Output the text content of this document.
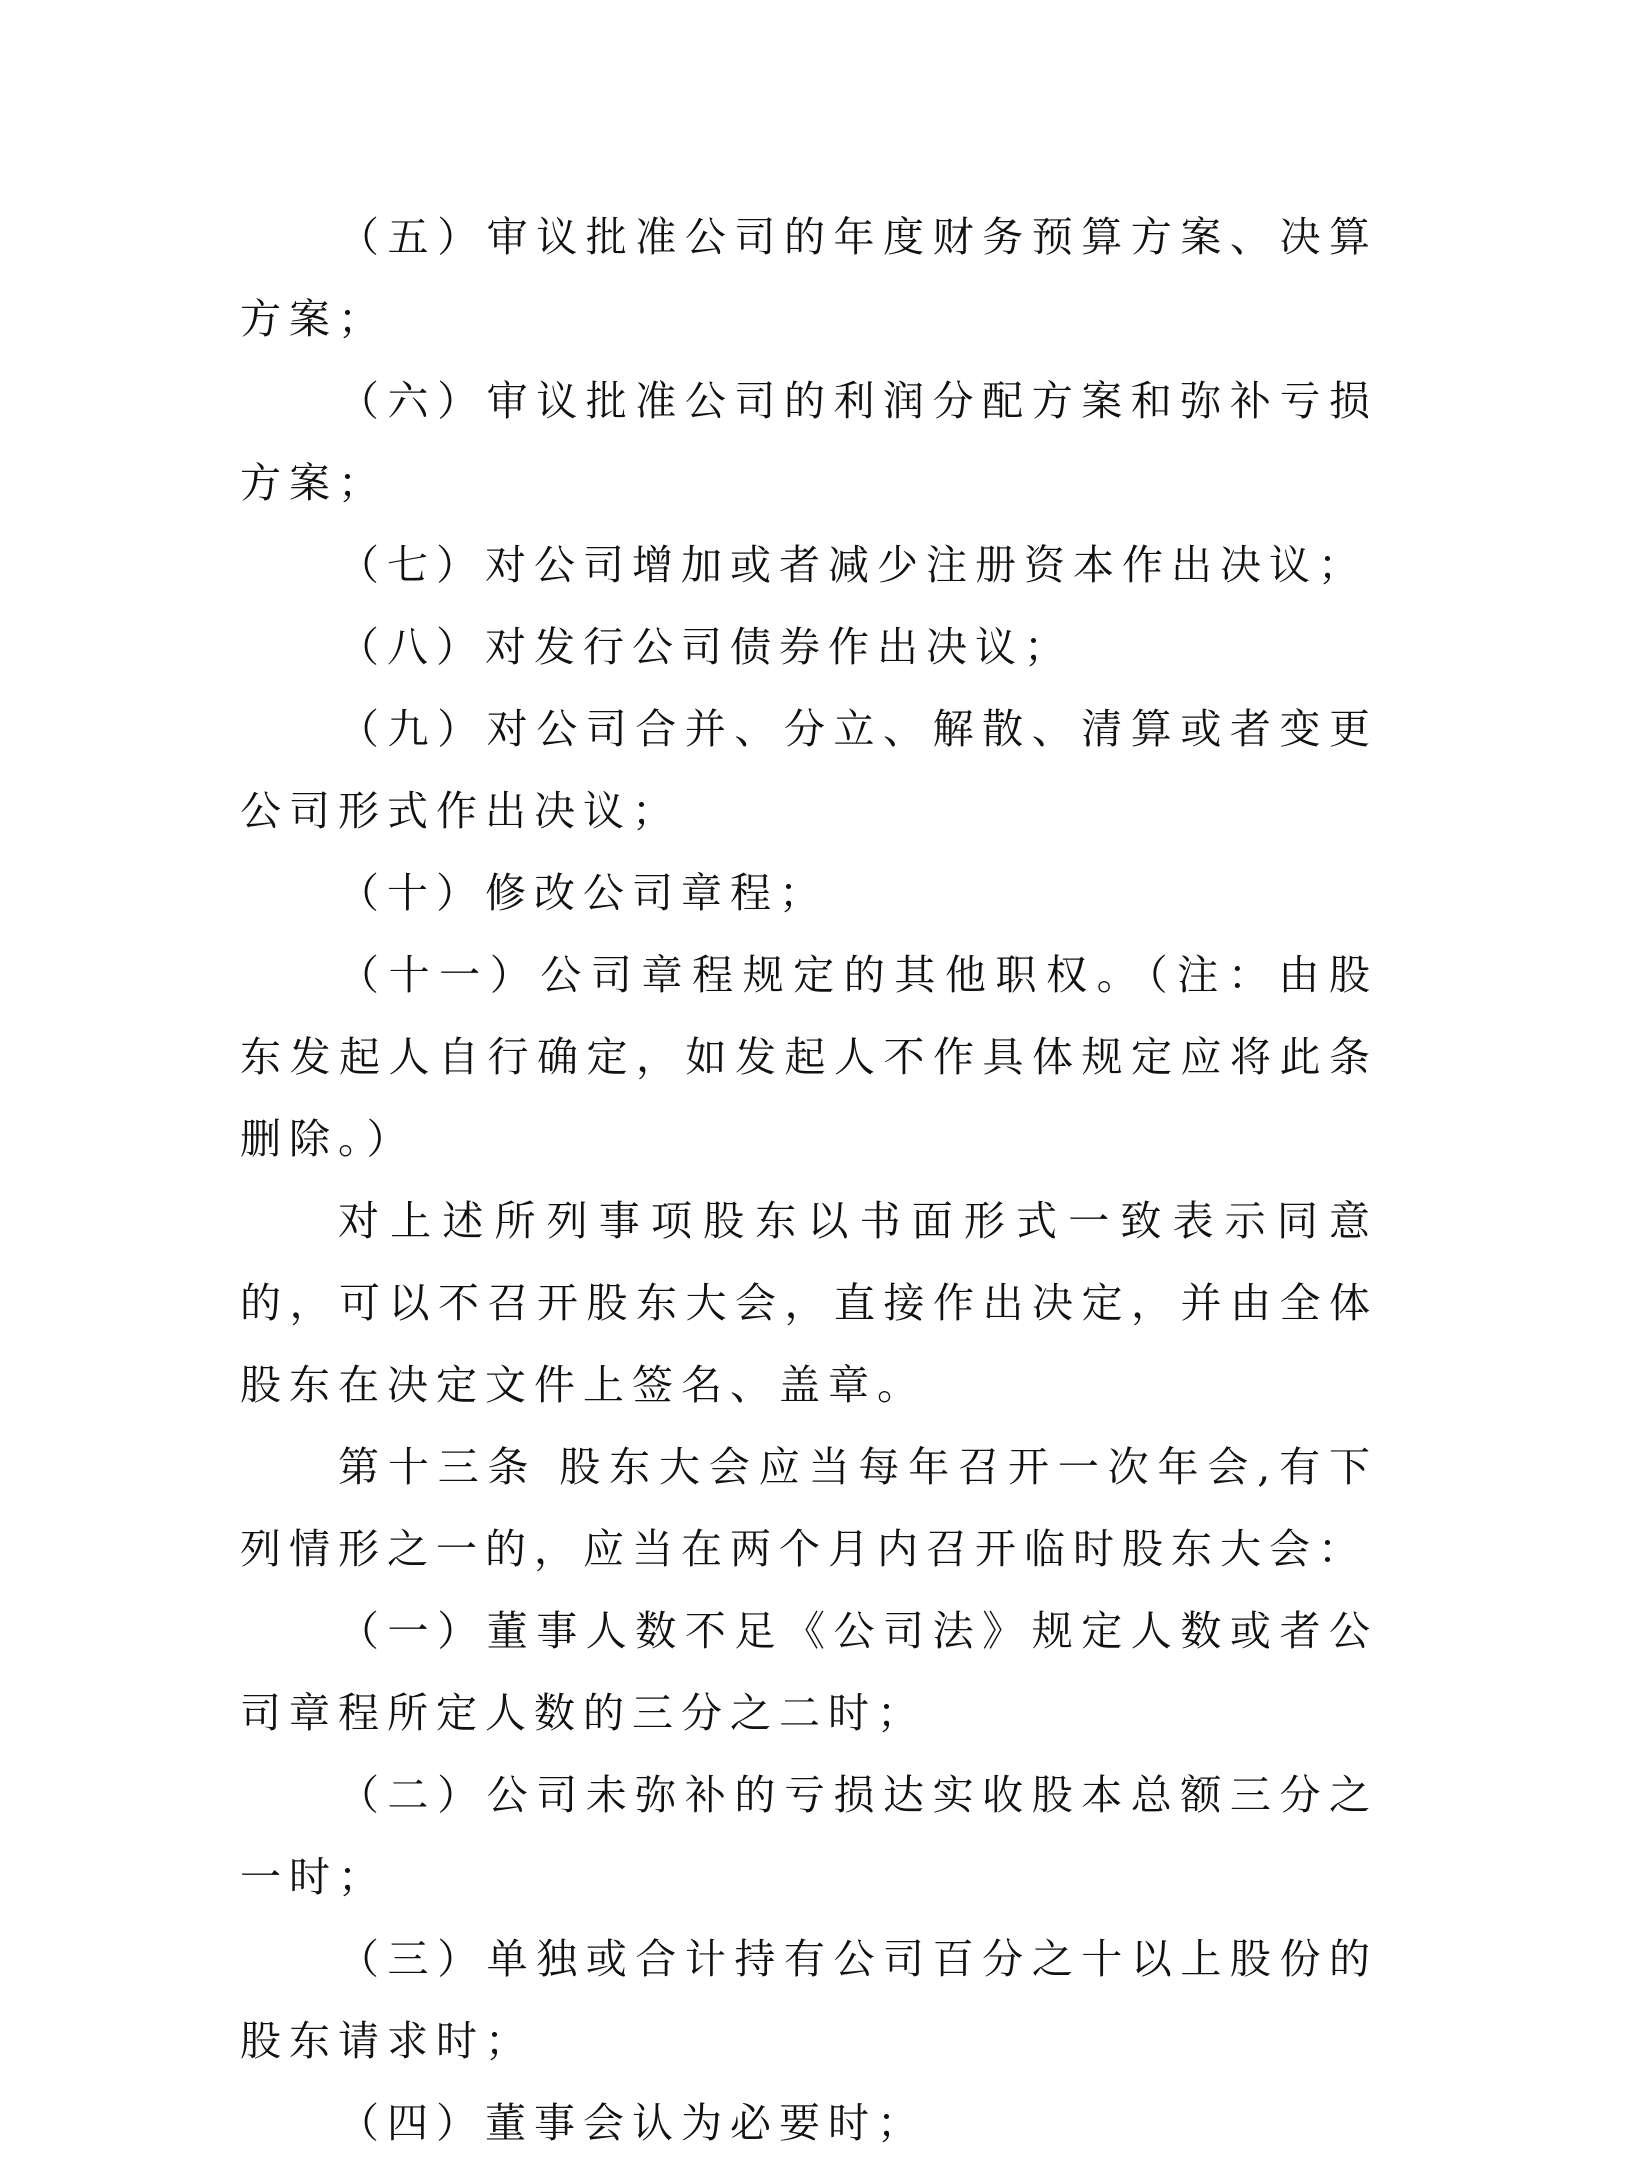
（五）审议批准公司的年度财务预算方案、决算方案；

（六）审议批准公司的利润分配方案和弥补亏损方案；

（七）对公司增加或者减少注册资本作出决议；

（八）对发行公司债券作出决议；

（九）对公司合并、分立、解散、清算或者变更公司形式作出决议；

（十）修改公司章程；

（十一）公司章程规定的其他职权。（注：由股东发起人自行确定，如发起人不作具体规定应将此条删除。）

对上述所列事项股东以书面形式一致表示同意的，可以不召开股东大会，直接作出决定，并由全体股东在决定文件上签名、盖章。

第十三条 股东大会应当每年召开一次年会,有下列情形之一的，应当在两个月内召开临时股东大会：

（一）董事人数不足《公司法》规定人数或者公司章程所定人数的三分之二时；

（二）公司未弥补的亏损达实收股本总额三分之一时；

（三）单独或合计持有公司百分之十以上股份的股东请求时；

（四）董事会认为必要时；
